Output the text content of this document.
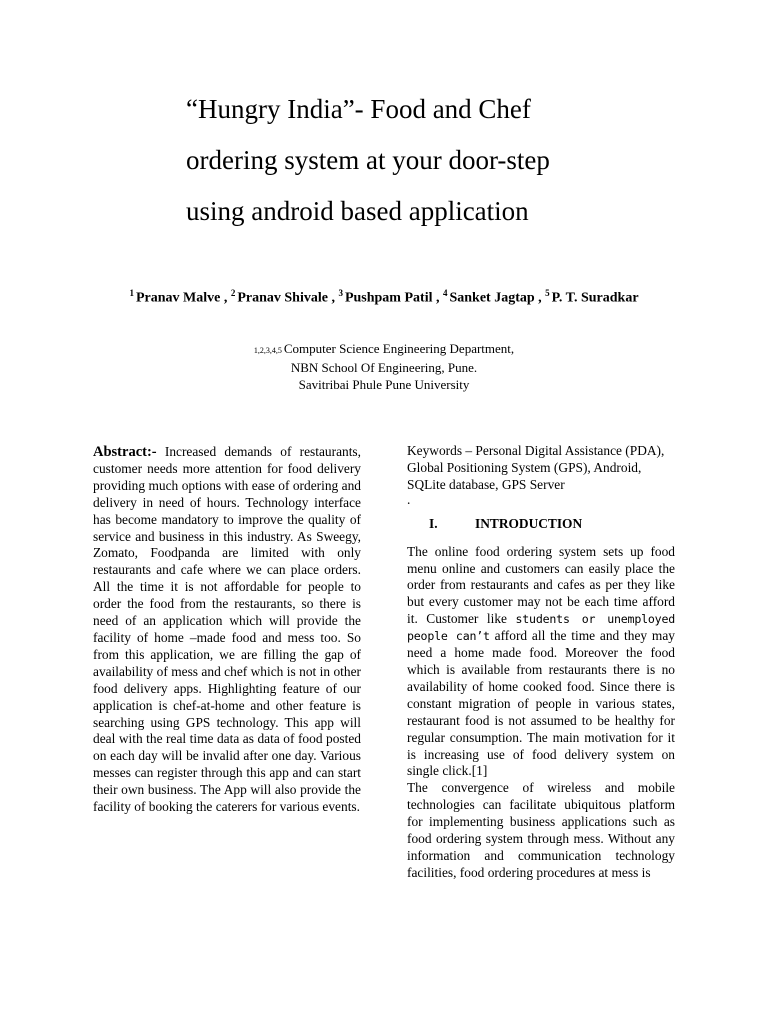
“Hungry India”- Food and Chef
ordering system at your door-step
using android based application
$^1$ Pranav Malve , $^2$ Pranav Shivale , $^3$ Pushpam Patil , $^4$ Sanket Jagtap , $^5$ P. T. Suradkar
1,2,3,4,5 Computer Science Engineering Department,
NBN School Of Engineering, Pune.
Savitribai Phule Pune University

Abstract:- Increased demands of restaurants, customer needs more attention for food delivery providing much options with ease of ordering and delivery in need of hours. Technology interface has become mandatory to improve the quality of service and business in this industry. As Sweegy, Zomato, Foodpanda are limited with only restaurants and cafe where we can place orders. All the time it is not affordable for people to order the food from the restaurants, so there is need of an application which will provide the facility of home –made food and mess too. So from this application, we are filling the gap of availability of mess and chef which is not in other food delivery apps. Highlighting feature of our application is chef-at-home and other feature is searching using GPS technology. This app will deal with the real time data as data of food posted on each day will be invalid after one day. Various messes can register through this app and can start their own business. The App will also provide the facility of booking the caterers for various events.

Keywords – Personal Digital Assistance (PDA), Global Positioning System (GPS), Android, SQLite database, GPS Server

.

I.	INTRODUCTION

The online food ordering system sets up food menu online and customers can easily place the order from restaurants and cafes as per they like but every customer may not be each time afford it. Customer like students or unemployed people can’t afford all the time and they may need a home made food. Moreover the food which is available from restaurants there is no availability of home cooked food. Since there is constant migration of people in various states, restaurant food is not assumed to be healthy for regular consumption. The main motivation for it is increasing use of food delivery system on single click.[1]

The convergence of wireless and mobile technologies can facilitate ubiquitous platform for implementing business applications such as food ordering system through mess. Without any information and communication technology facilities, food ordering procedures at mess is
